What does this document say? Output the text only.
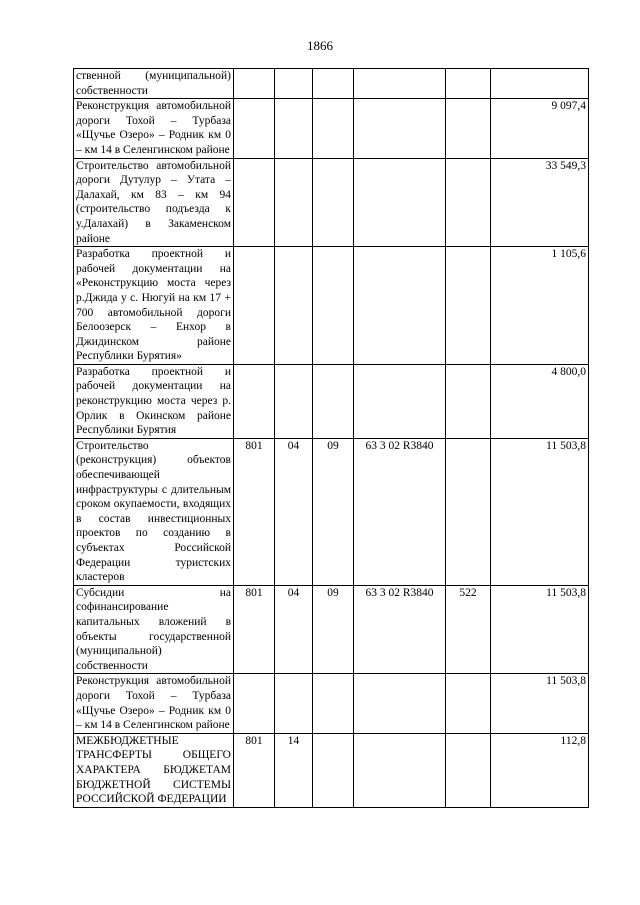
1866
ственной (муниципальной) собственности						
Реконструкция автомобильной дороги Тохой – Турбаза «Щучье Озеро» – Родник км 0 – км 14 в Селенгинском районе						9 097,4
Строительство автомобильной дороги Дутулур – Утата – Далахай, км 83 – км 94 (строительство подъезда к у.Далахай) в Закаменском районе						33 549,3
Разработка проектной и рабочей документации на «Реконструкцию моста через р.Джида у с. Нюгуй на км 17 + 700 автомобильной дороги Белоозерск – Енхор в Джидинском районе Республики Бурятия»						1 105,6
Разработка проектной и рабочей документации на реконструкцию моста через р. Орлик в Окинском районе Республики Бурятия						4 800,0
Строительство (реконструкция) объектов обеспечивающей инфраструктуры с длительным сроком окупаемости, входящих в состав инвестиционных проектов по созданию в субъектах Российской Федерации туристских кластеров	801	04	09	63 3 02 R3840		11 503,8
Субсидии на софинансирование капитальных вложений в объекты государственной (муниципальной) собственности	801	04	09	63 3 02 R3840	522	11 503,8
Реконструкция автомобильной дороги Тохой – Турбаза «Щучье Озеро» – Родник км 0 – км 14 в Селенгинском районе						11 503,8
МЕЖБЮДЖЕТНЫЕ ТРАНСФЕРТЫ ОБЩЕГО ХАРАКТЕРА БЮДЖЕТАМ БЮДЖЕТНОЙ СИСТЕМЫ РОССИЙСКОЙ ФЕДЕРАЦИИ	801	14				112,8
